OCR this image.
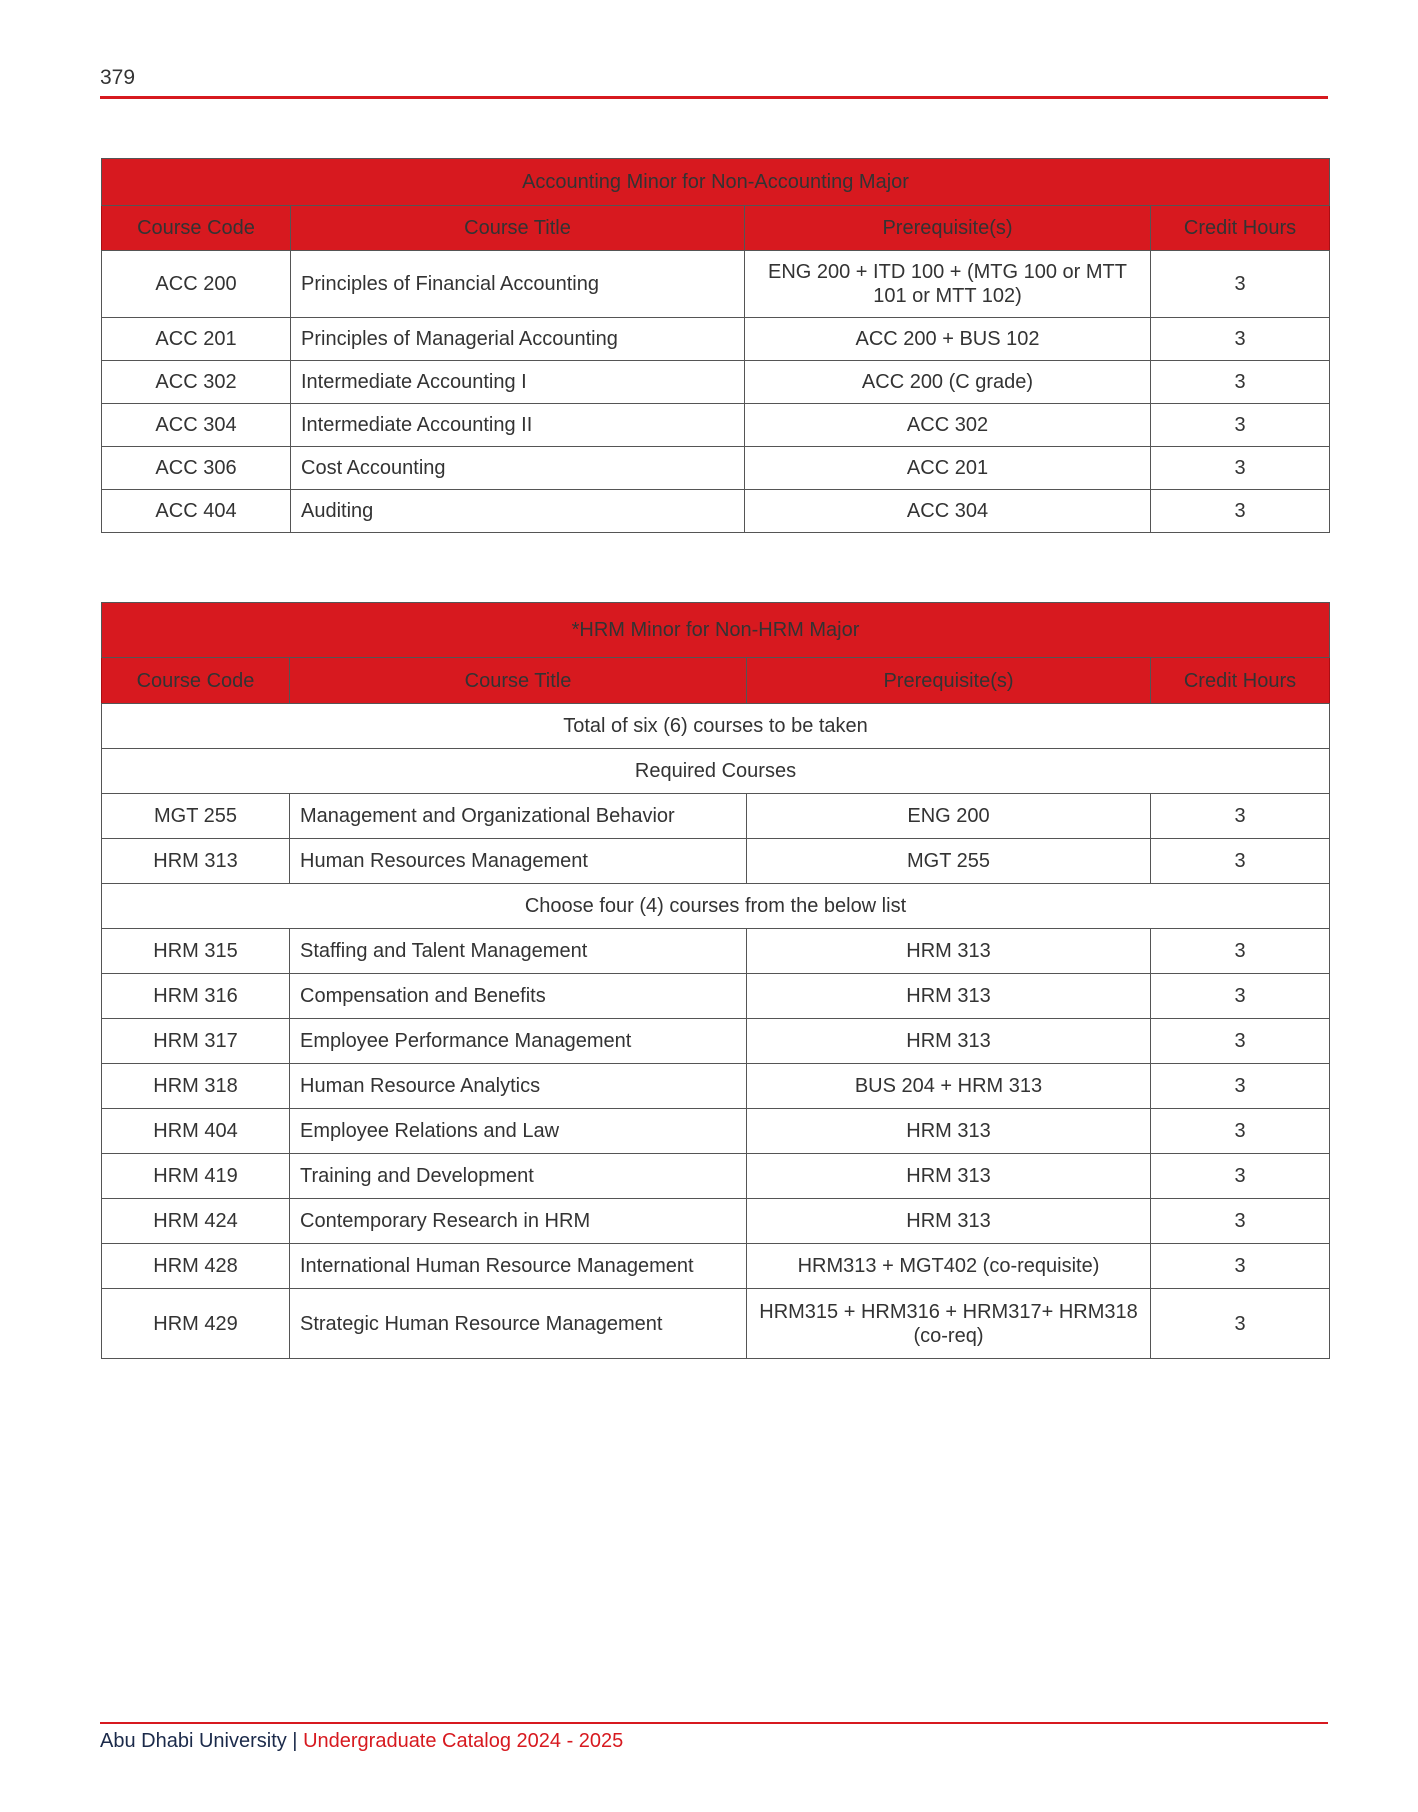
379
Accounting Minor for Non-Accounting Major			
Course Code	Course Title	Prerequisite(s)	Credit Hours
ACC 200	Principles of Financial Accounting	ENG 200 + ITD 100 + (MTG 100 or MTT 101 or MTT 102)	3
ACC 201	Principles of Managerial Accounting	ACC 200 + BUS 102	3
ACC 302	Intermediate Accounting I	ACC 200 (C grade)	3
ACC 304	Intermediate Accounting II	ACC 302	3
ACC 306	Cost Accounting	ACC 201	3
ACC 404	Auditing	ACC 304	3
*HRM Minor for Non-HRM Major			
Course Code	Course Title	Prerequisite(s)	Credit Hours
Total of six (6) courses to be taken			
Required Courses			
MGT 255	Management and Organizational Behavior	ENG 200	3
HRM 313	Human Resources Management	MGT 255	3
Choose four (4) courses from the below list			
HRM 315	Staffing and Talent Management	HRM 313	3
HRM 316	Compensation and Benefits	HRM 313	3
HRM 317	Employee Performance Management	HRM 313	3
HRM 318	Human Resource Analytics	BUS 204 + HRM 313	3
HRM 404	Employee Relations and Law	HRM 313	3
HRM 419	Training and Development	HRM 313	3
HRM 424	Contemporary Research in HRM	HRM 313	3
HRM 428	International Human Resource Management	HRM313 + MGT402 (co-requisite)	3
HRM 429	Strategic Human Resource Management	HRM315 + HRM316 + HRM317+ HRM318 (co-req)	3
Abu Dhabi University | Undergraduate Catalog 2024 - 2025
